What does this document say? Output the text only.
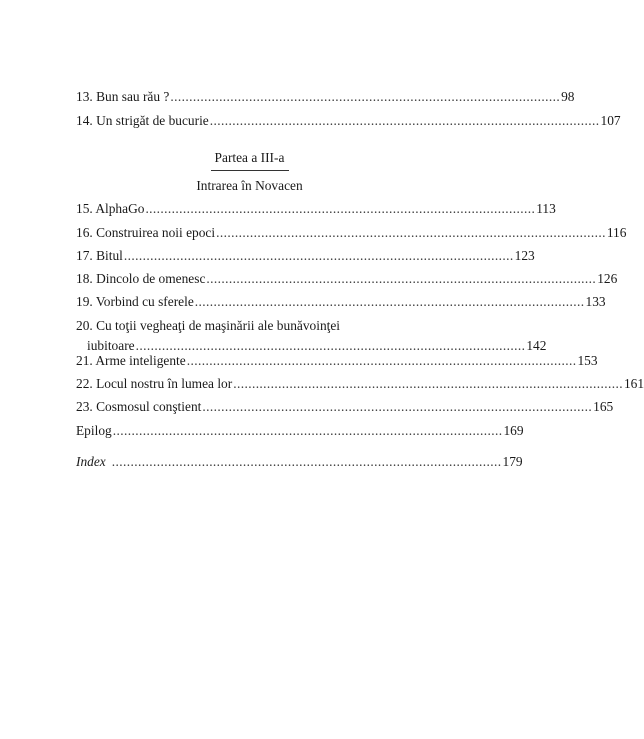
13. Bun sau rău ? ........................................................................................................ 98
14. Un strigăt de bucurie ........................................................................................................ 107
Partea a III-a
Intrarea în Novacen
15. AlphaGo ........................................................................................................ 113
16. Construirea noii epoci ........................................................................................................ 116
17. Bitul ........................................................................................................ 123
18. Dincolo de omenesc ........................................................................................................ 126
19. Vorbind cu sferele ........................................................................................................ 133
20. Cu toţii vegheaţi de maşinării ale bunăvoinţei
iubitoare ........................................................................................................ 142
21. Arme inteligente ........................................................................................................ 153
22. Locul nostru în lumea lor ........................................................................................................ 161
23. Cosmosul conştient ........................................................................................................ 165
Epilog ........................................................................................................ 169
Index ........................................................................................................ 179
